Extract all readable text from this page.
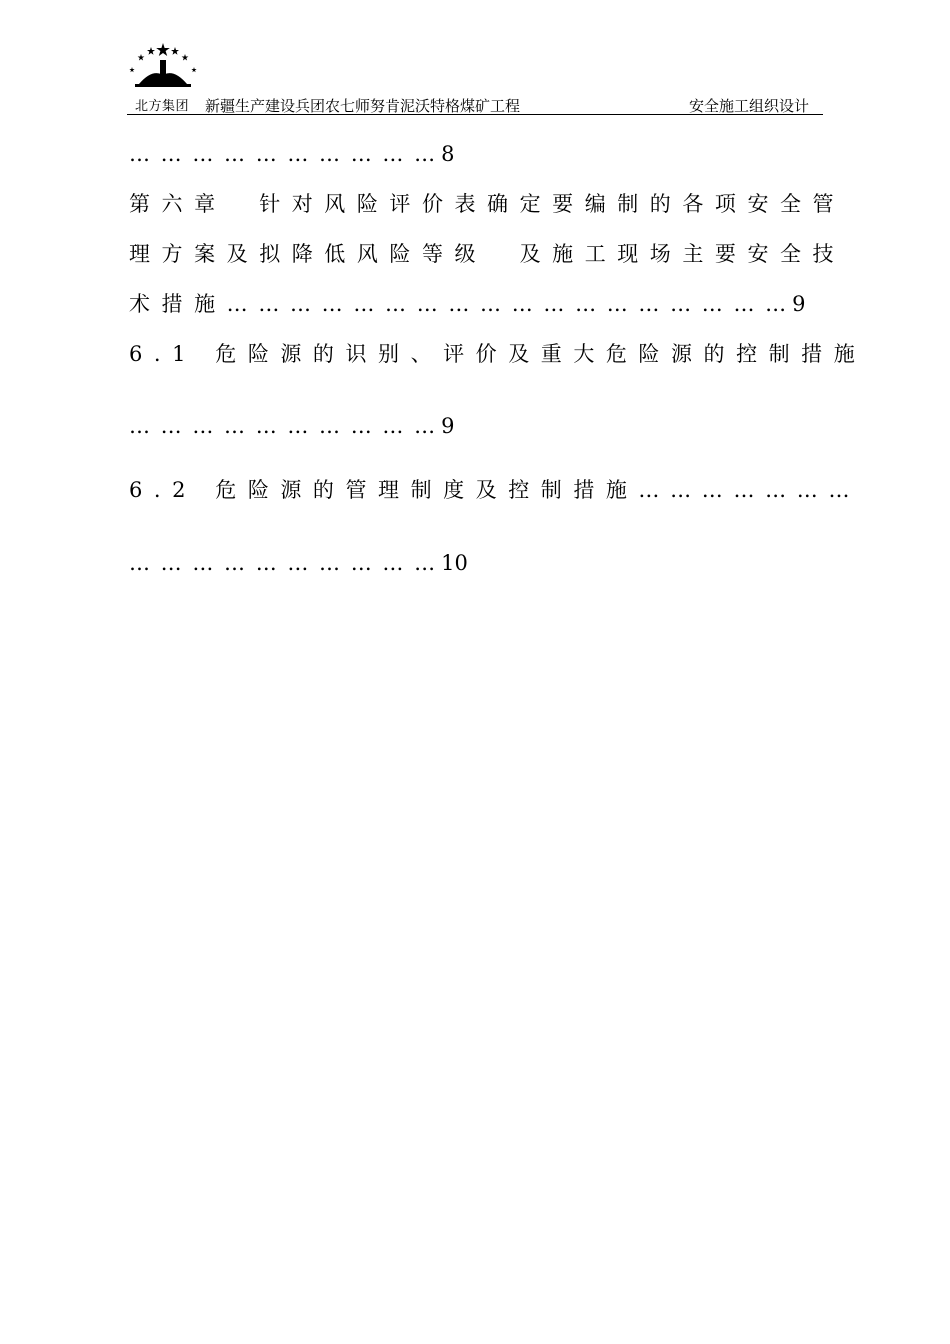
北方集团 新疆生产建设兵团农七师努肯泥沃特格煤矿工程	安全施工组织设计
… … … … … … … … … … 8
第六章　针对风险评价表确定要编制的各项安全管
理方案及拟降低风险等级　及施工现场主要安全技
术措施… … … … … … … … … … … … … … … … … … 9
6.1 危险源的识别、评价及重大危险源的控制措施
… … … … … … … … … … 9
6.2 危险源的管理制度及控制措施… … … … … … …
… … … … … … … … … … 10
